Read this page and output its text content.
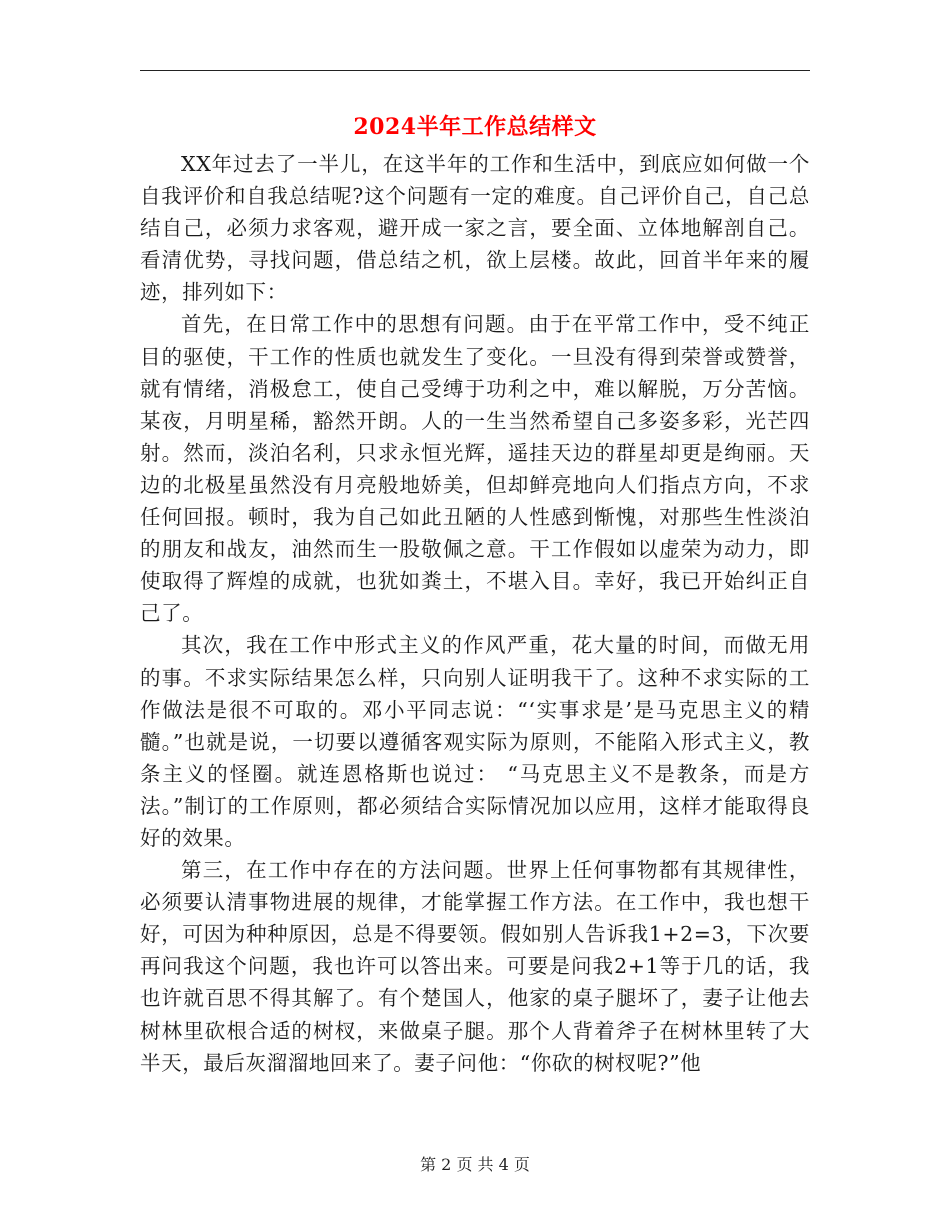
2024半年工作总结样文

XX年过去了一半儿，在这半年的工作和生活中，到底应如何做一个自我评价和自我总结呢?这个问题有一定的难度。自己评价自己，自己总结自己，必须力求客观，避开成一家之言，要全面、立体地解剖自己。看清优势，寻找问题，借总结之机，欲上层楼。故此，回首半年来的履迹，排列如下：

首先，在日常工作中的思想有问题。由于在平常工作中，受不纯正目的驱使，干工作的性质也就发生了变化。一旦没有得到荣誉或赞誉，就有情绪，消极怠工，使自己受缚于功利之中，难以解脱，万分苦恼。某夜，月明星稀，豁然开朗。人的一生当然希望自己多姿多彩，光芒四射。然而，淡泊名利，只求永恒光辉，遥挂天边的群星却更是绚丽。天边的北极星虽然没有月亮般地娇美，但却鲜亮地向人们指点方向，不求任何回报。顿时，我为自己如此丑陋的人性感到惭愧，对那些生性淡泊的朋友和战友，油然而生一股敬佩之意。干工作假如以虚荣为动力，即使取得了辉煌的成就，也犹如粪土，不堪入目。幸好，我已开始纠正自己了。

其次，我在工作中形式主义的作风严重，花大量的时间，而做无用的事。不求实际结果怎么样，只向别人证明我干了。这种不求实际的工作做法是很不可取的。邓小平同志说：“‘实事求是’是马克思主义的精髓。”也就是说，一切要以遵循客观实际为原则，不能陷入形式主义，教条主义的怪圈。就连恩格斯也说过： “马克思主义不是教条，而是方法。”制订的工作原则，都必须结合实际情况加以应用，这样才能取得良好的效果。

第三，在工作中存在的方法问题。世界上任何事物都有其规律性，必须要认清事物进展的规律，才能掌握工作方法。在工作中，我也想干好，可因为种种原因，总是不得要领。假如别人告诉我1+2=3，下次要再问我这个问题，我也许可以答出来。可要是问我2+1等于几的话，我也许就百思不得其解了。有个楚国人，他家的桌子腿坏了，妻子让他去树林里砍根合适的树杈，来做桌子腿。那个人背着斧子在树林里转了大半天，最后灰溜溜地回来了。妻子问他：“你砍的树杈呢?”他

第 2 页 共 4 页
